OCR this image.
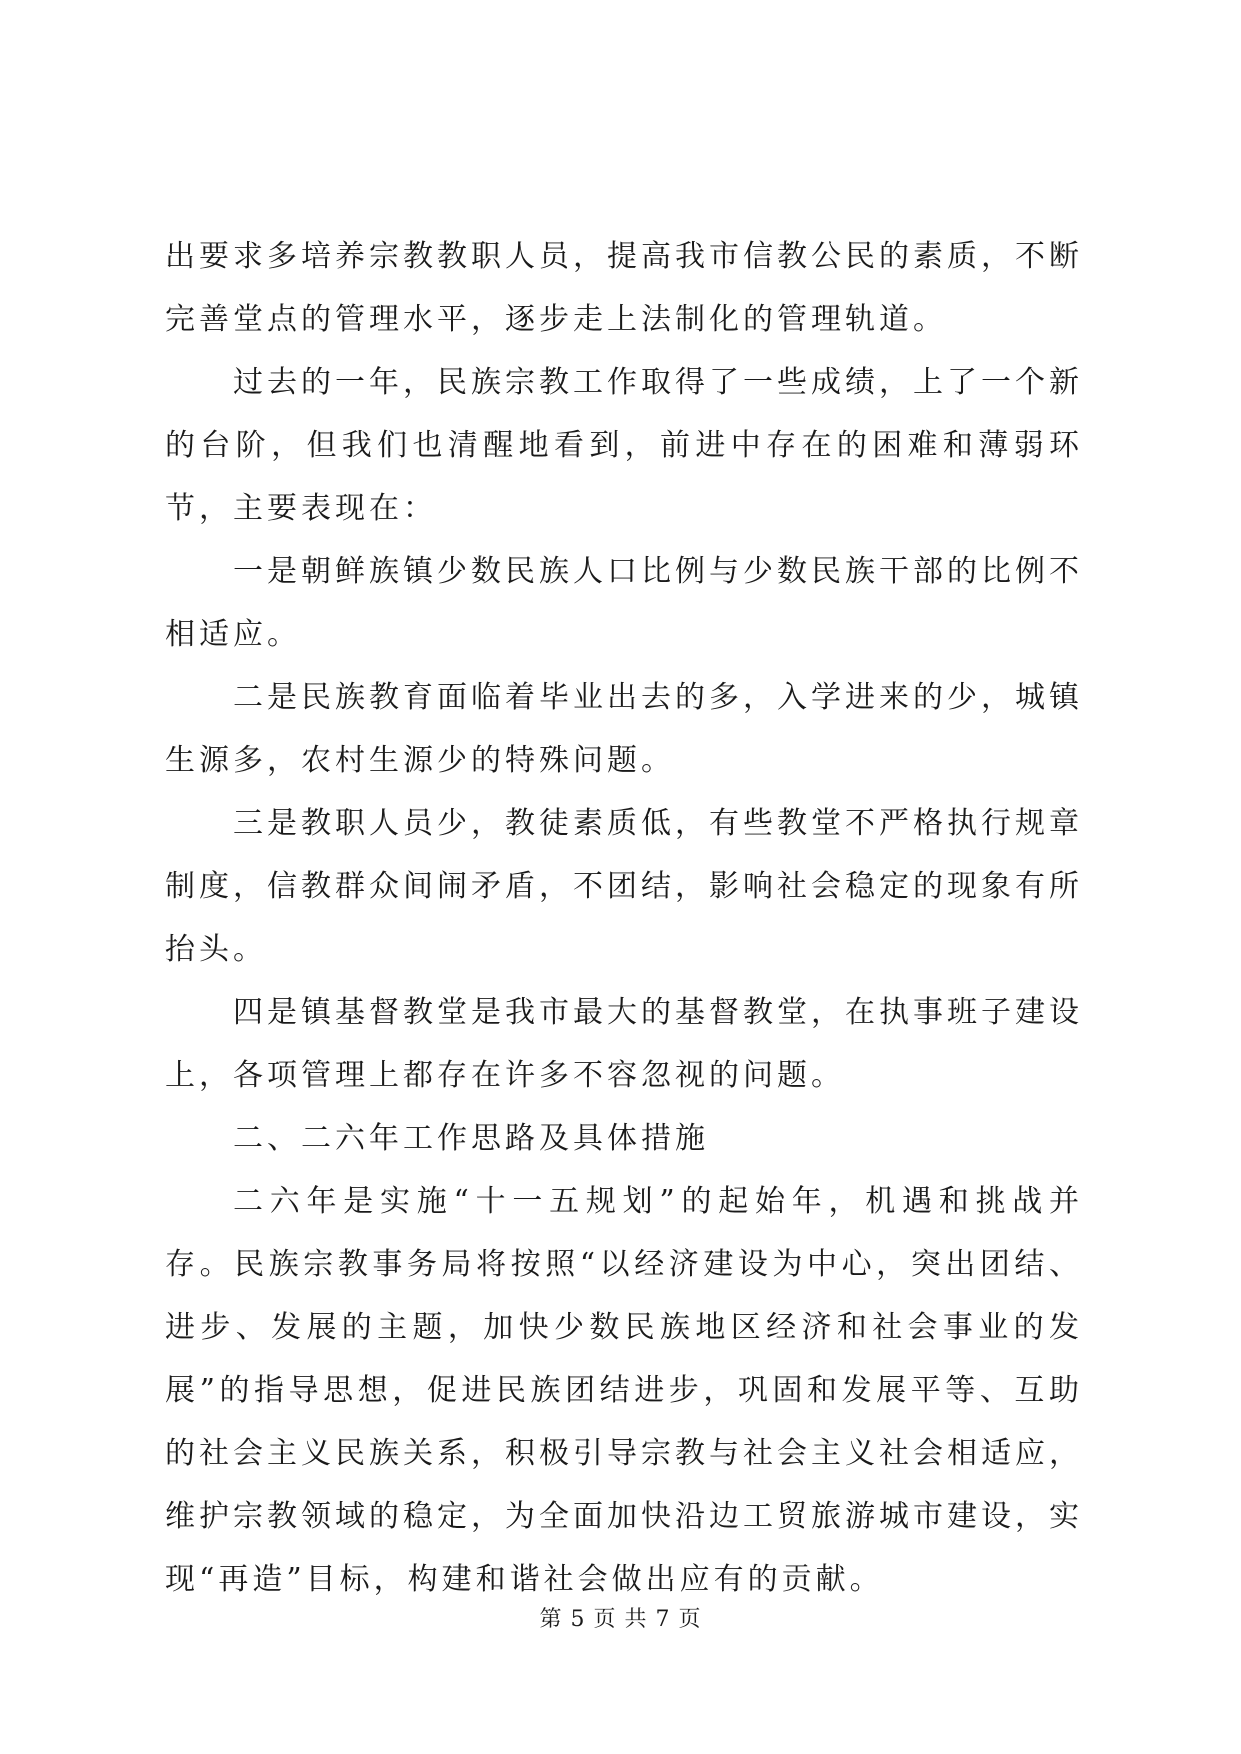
出要求多培养宗教教职人员，提高我市信教公民的素质，不断完善堂点的管理水平，逐步走上法制化的管理轨道。

过去的一年，民族宗教工作取得了一些成绩，上了一个新的台阶，但我们也清醒地看到，前进中存在的困难和薄弱环节，主要表现在：

一是朝鲜族镇少数民族人口比例与少数民族干部的比例不相适应。

二是民族教育面临着毕业出去的多，入学进来的少，城镇生源多，农村生源少的特殊问题。

三是教职人员少，教徒素质低，有些教堂不严格执行规章制度，信教群众间闹矛盾，不团结，影响社会稳定的现象有所抬头。

四是镇基督教堂是我市最大的基督教堂，在执事班子建设上，各项管理上都存在许多不容忽视的问题。

二、二六年工作思路及具体措施

二六年是实施“十一五规划”的起始年，机遇和挑战并存。民族宗教事务局将按照“以经济建设为中心，突出团结、进步、发展的主题，加快少数民族地区经济和社会事业的发展”的指导思想，促进民族团结进步，巩固和发展平等、互助的社会主义民族关系，积极引导宗教与社会主义社会相适应，维护宗教领域的稳定，为全面加快沿边工贸旅游城市建设，实现“再造”目标，构建和谐社会做出应有的贡献。

第 5 页 共 7 页
